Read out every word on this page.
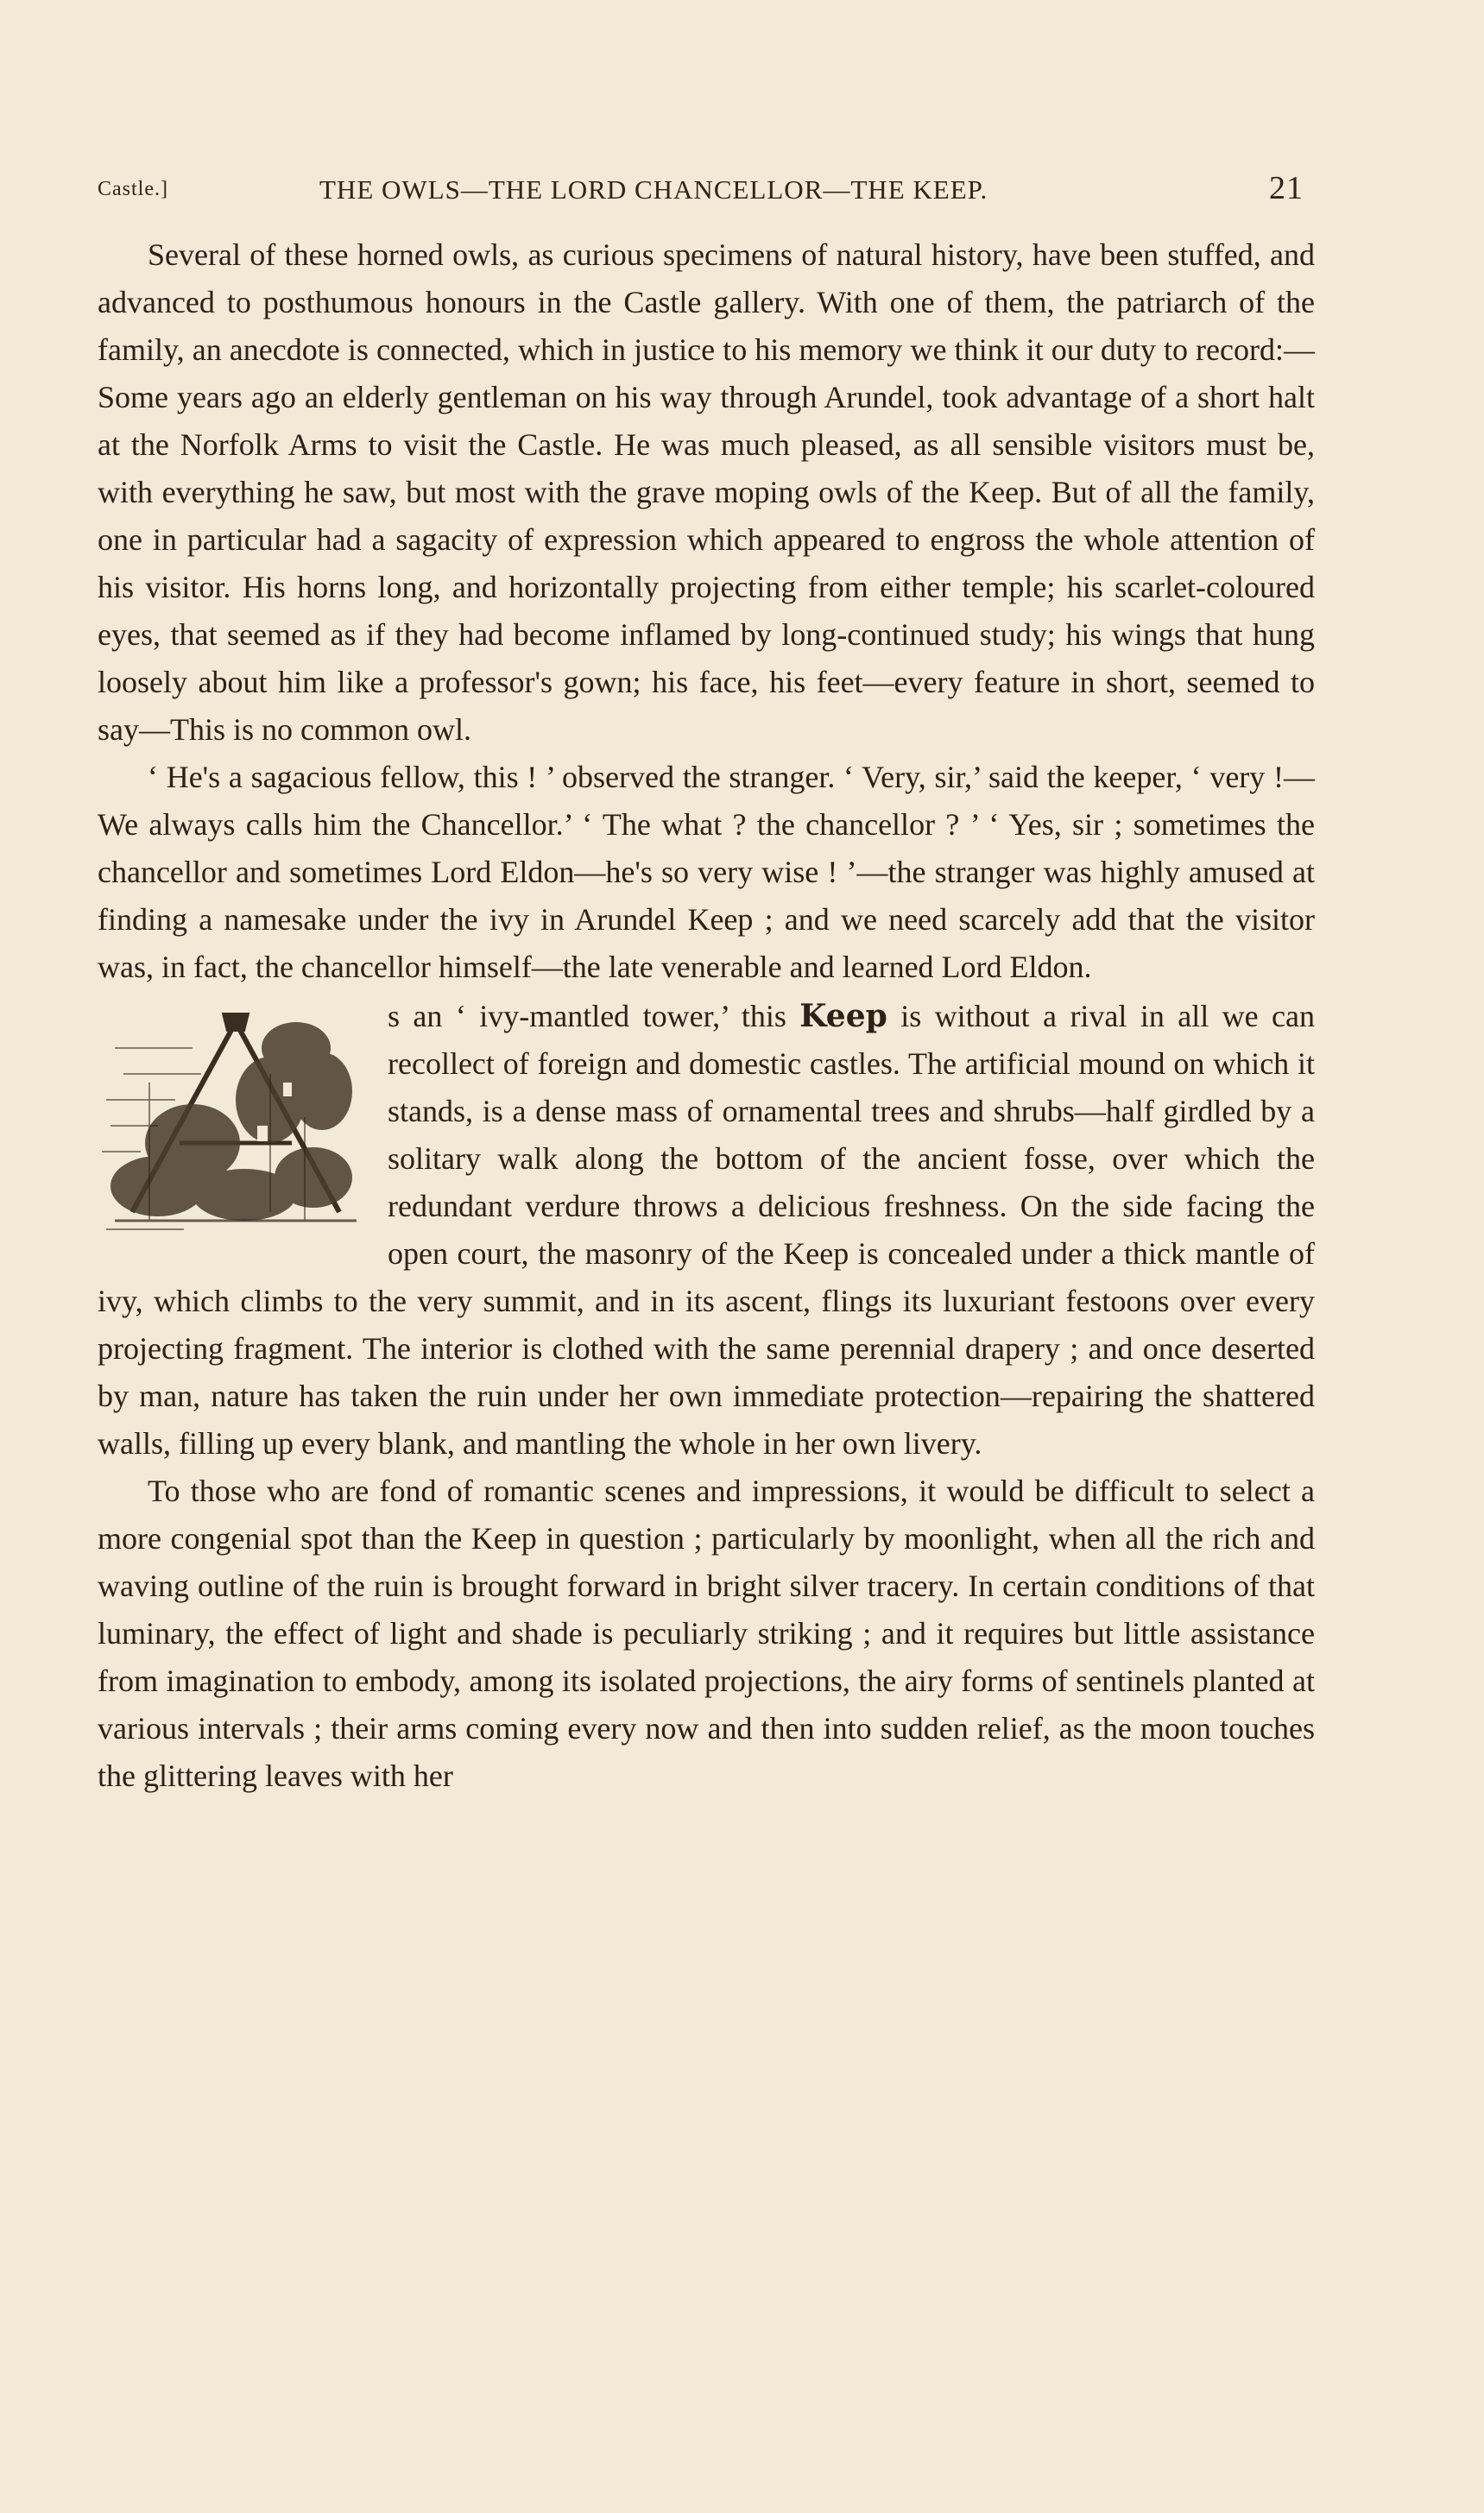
Castle.]	THE OWLS—THE LORD CHANCELLOR—THE KEEP.	21

Several of these horned owls, as curious specimens of natural history, have been stuffed, and advanced to posthumous honours in the Castle gallery. With one of them, the patriarch of the family, an anecdote is connected, which in justice to his memory we think it our duty to record:—Some years ago an elderly gentleman on his way through Arundel, took advantage of a short halt at the Norfolk Arms to visit the Castle. He was much pleased, as all sensible visitors must be, with everything he saw, but most with the grave moping owls of the Keep. But of all the family, one in particular had a sagacity of expression which appeared to engross the whole attention of his visitor. His horns long, and horizontally projecting from either temple; his scarlet-coloured eyes, that seemed as if they had become inflamed by long-continued study; his wings that hung loosely about him like a professor's gown; his face, his feet—every feature in short, seemed to say—This is no common owl.

‘ He's a sagacious fellow, this ! ’ observed the stranger. ‘ Very, sir,’ said the keeper, ‘ very !—We always calls him the Chancellor.’ ‘ The what ? the chancellor ? ’ ‘ Yes, sir ; sometimes the chancellor and sometimes Lord Eldon—he's so very wise ! ’—the stranger was highly amused at finding a namesake under the ivy in Arundel Keep ; and we need scarcely add that the visitor was, in fact, the chancellor himself—the late venerable and learned Lord Eldon.

s an ‘ ivy-mantled tower,’ this Keep is without a rival in all we can recollect of foreign and domestic castles. The artificial mound on which it stands, is a dense mass of ornamental trees and shrubs—half girdled by a solitary walk along the bottom of the ancient fosse, over which the redundant verdure throws a delicious freshness. On the side facing the open court, the masonry of the Keep is concealed under a thick mantle of ivy, which climbs to the very summit, and in its ascent, flings its luxuriant festoons over every projecting fragment. The interior is clothed with the same perennial drapery ; and once deserted by man, nature has taken the ruin under her own immediate protection—repairing the shattered walls, filling up every blank, and mantling the whole in her own livery.

To those who are fond of romantic scenes and impressions, it would be difficult to select a more congenial spot than the Keep in question ; particularly by moonlight, when all the rich and waving outline of the ruin is brought forward in bright silver tracery. In certain conditions of that luminary, the effect of light and shade is peculiarly striking ; and it requires but little assistance from imagination to embody, among its isolated projections, the airy forms of sentinels planted at various intervals ; their arms coming every now and then into sudden relief, as the moon touches the glittering leaves with her
